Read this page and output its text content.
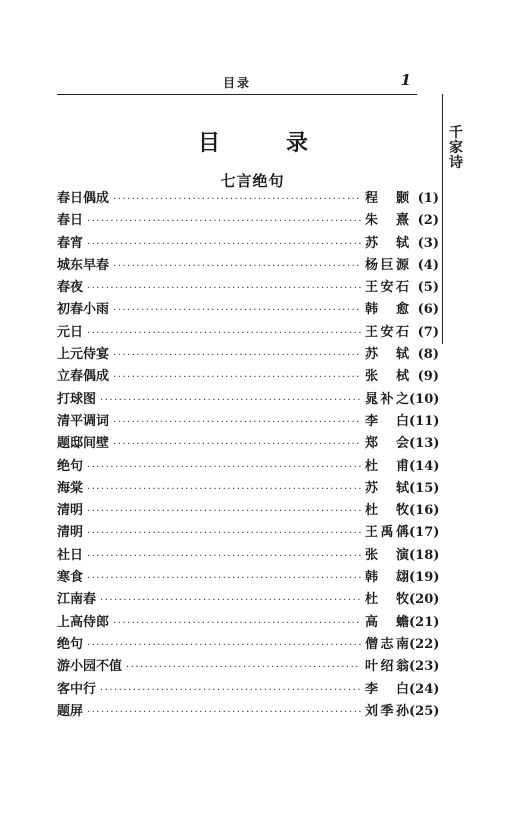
目录	1
千
家
诗
目	录
七言绝句
春日偶成 ·····	程颢 (1)
春日 ·····	朱熹 (2)
春宵 ·····	苏轼 (3)
城东早春 ·····	杨巨源 (4)
春夜 ·····	王安石 (5)
初春小雨 ·····	韩愈 (6)
元日 ·····	王安石 (7)
上元侍宴 ·····	苏轼 (8)
立春偶成 ·····	张栻 (9)
打球图 ·····	晁补之 (10)
清平调词 ·····	李白 (11)
题邸间壁 ·····	郑会 (13)
绝句 ·····	杜甫 (14)
海棠 ·····	苏轼 (15)
清明 ·····	杜牧 (16)
清明 ·····	王禹偁 (17)
社日 ·····	张演 (18)
寒食 ·····	韩翃 (19)
江南春 ·····	杜牧 (20)
上高侍郎 ·····	高蟾 (21)
绝句 ·····	僧志南 (22)
游小园不值 ·····	叶绍翁 (23)
客中行 ·····	李白 (24)
题屏 ·····	刘季孙 (25)
